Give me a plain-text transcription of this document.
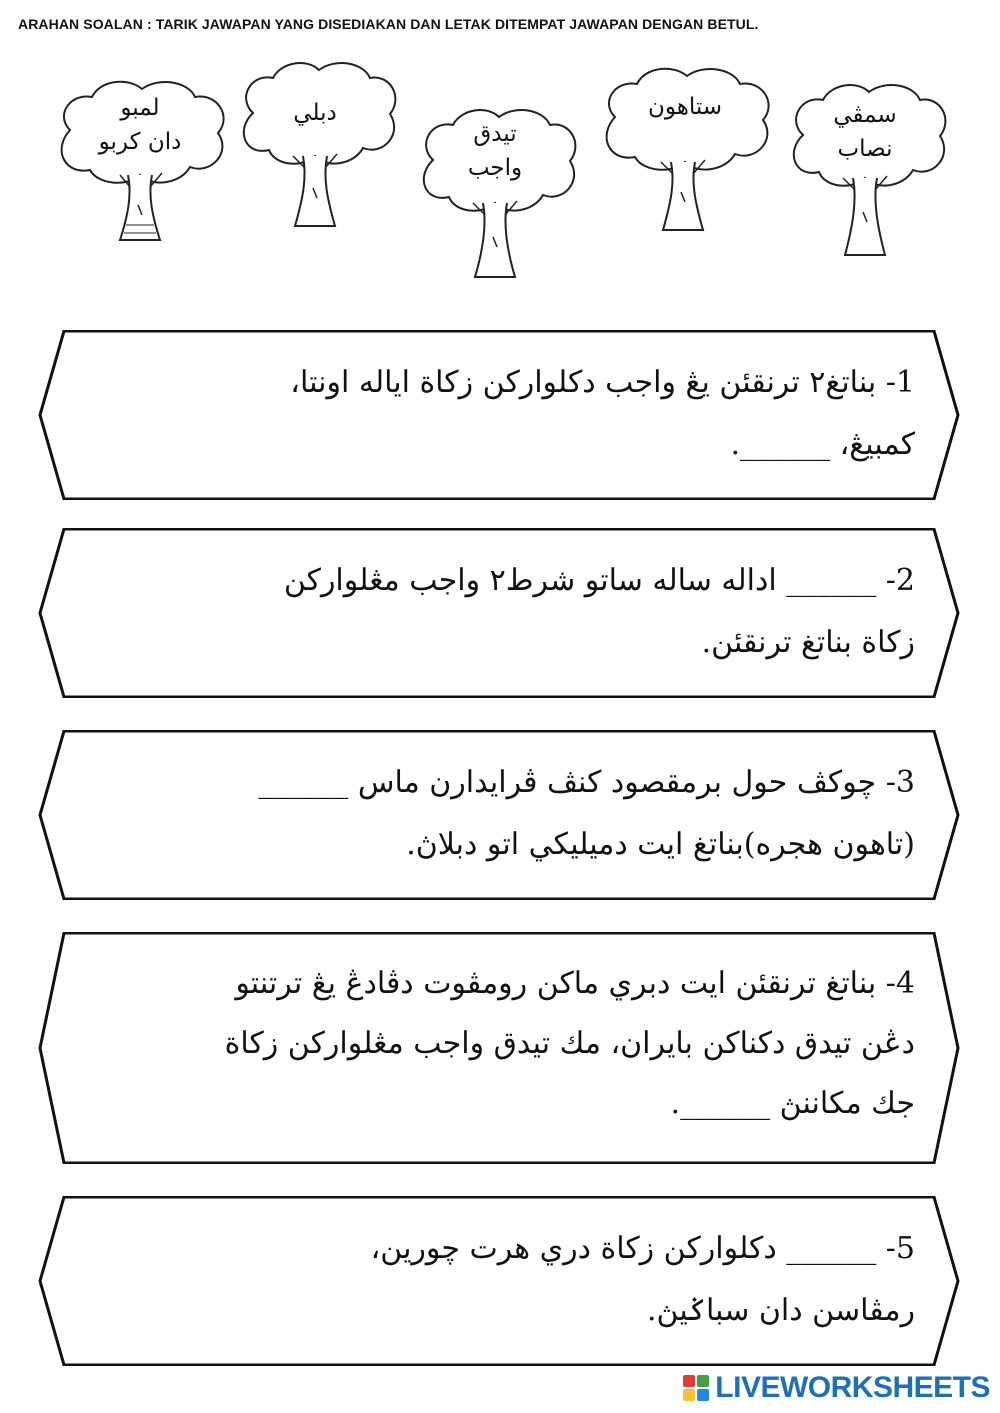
ARAHAN SOALAN : TARIK JAWAPAN YANG DISEDIAKAN DAN LETAK DITEMPAT JAWAPAN DENGAN BETUL.
لمبو
دان كربو
دبلي
تيدق
واجب
ستاهون	سمڤي
نصاب
1- بناتغ٢ ترنقئن يڠ واجب دكلواركن زكاة اياله اونتا،
كمبيڠ، ______.
2- ______ اداله ساله ساتو شرط٢ واجب مڠلواركن
زكاة بناتغ ترنقئن.
3- چوكڤ حول برمقصود كنڤ ڤرايدارن ماس ______
(تاهون هجره)بناتغ ايت دميليكي اتو دبلاڽ.
4- بناتغ ترنقئن ايت دبري ماكن رومڤوت دڤادڠ يڠ ترتنتو
دڠن تيدق دكناكن بايران، مك تيدق واجب مڠلواركن زكاة
جك مكاننڽ ______.
5- ______ دكلواركن زكاة دري هرت چورين،
رمڤاسن دان سباݢيڽ.
LIVEWORKSHEETS
